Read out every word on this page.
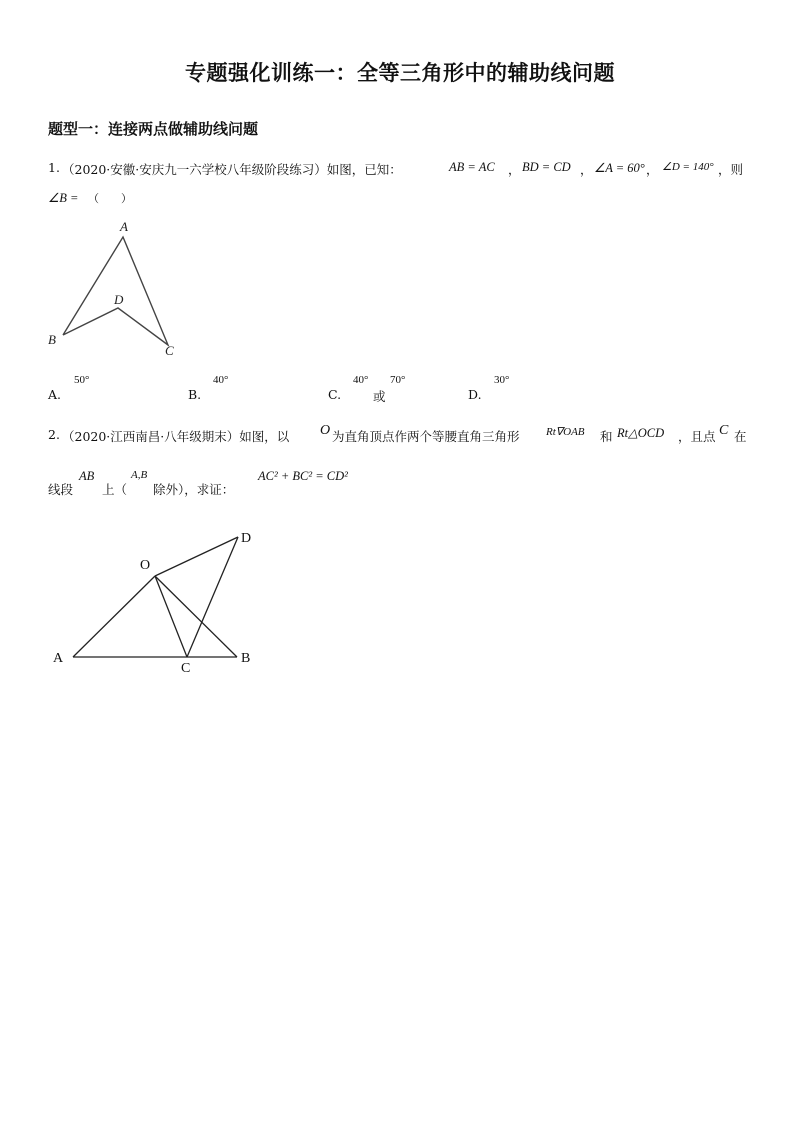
专题强化训练一：全等三角形中的辅助线问题
题型一：连接两点做辅助线问题
1. （2020·安徽·安庆九一六学校八年级阶段练习）如图，已知：	AB = AC ， BD = CD ， ∠A = 60° ， ∠D = 140° ，则
∠B = （　　）
A
D
B
C
A.
50°
B.
40°
C.
40°
或
70°
D.
30°
2. （2020·江西南昌·八年级期末）如图，以 O 为直角顶点作两个等腰直角三角形 Rt∇OAB 和 Rt△OCD ，且点 C 在
线段
AB
上（
A,B
除外），求证：
AC² + BC² = CD²
O
D
A	B
C
